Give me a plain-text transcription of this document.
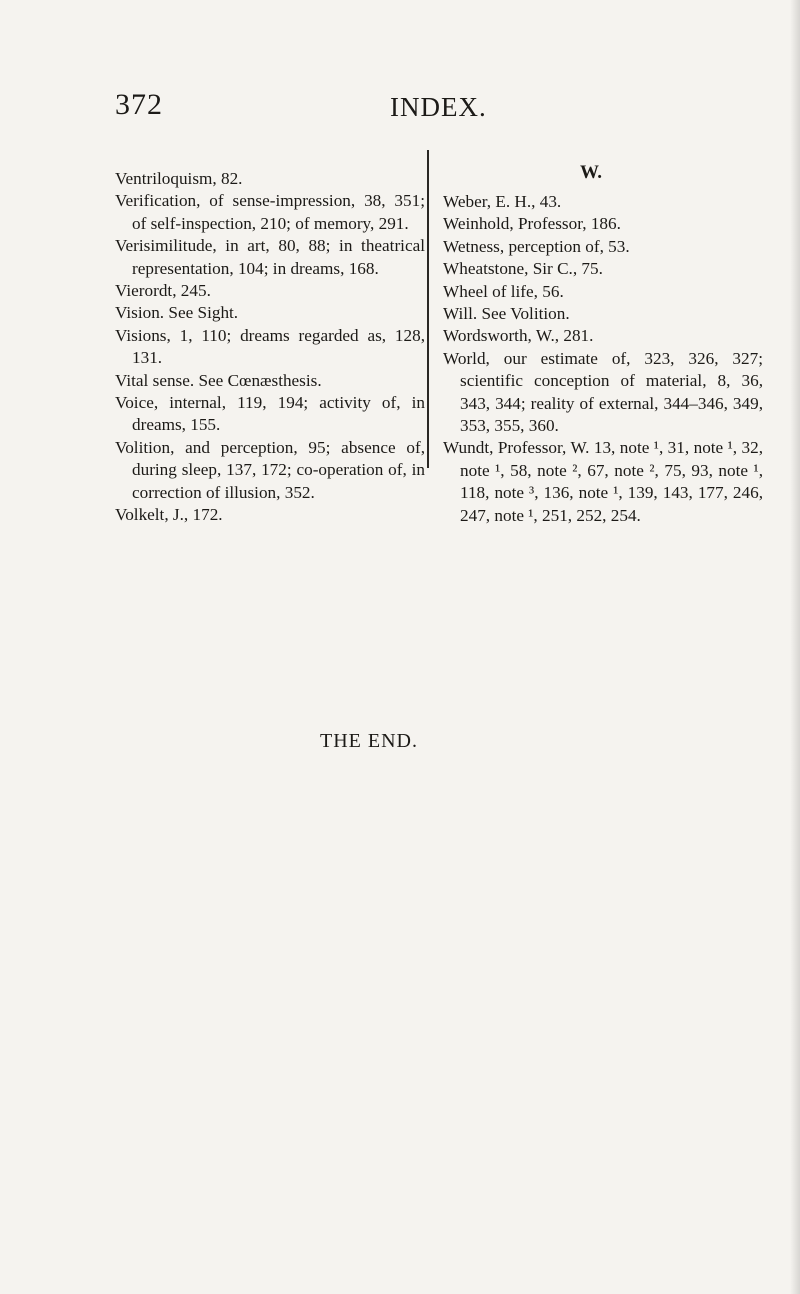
372	INDEX.
Ventriloquism, 82.
Verification, of sense-impression, 38, 351; of self-inspection, 210; of memory, 291.
Verisimilitude, in art, 80, 88; in theatrical representation, 104; in dreams, 168.
Vierordt, 245.
Vision. See Sight.
Visions, 1, 110; dreams regarded as, 128, 131.
Vital sense. See Cœnæsthesis.
Voice, internal, 119, 194; activity of, in dreams, 155.
Volition, and perception, 95; absence of, during sleep, 137, 172; co-operation of, in correction of illusion, 352.
Volkelt, J., 172.
W.
Weber, E. H., 43.
Weinhold, Professor, 186.
Wetness, perception of, 53.
Wheatstone, Sir C., 75.
Wheel of life, 56.
Will. See Volition.
Wordsworth, W., 281.
World, our estimate of, 323, 326, 327; scientific conception of material, 8, 36, 343, 344; reality of external, 344–346, 349, 353, 355, 360.
Wundt, Professor, W. 13, note ¹, 31, note ¹, 32, note ¹, 58, note ², 67, note ², 75, 93, note ¹, 118, note ³, 136, note ¹, 139, 143, 177, 246, 247, note ¹, 251, 252, 254.
THE END.
